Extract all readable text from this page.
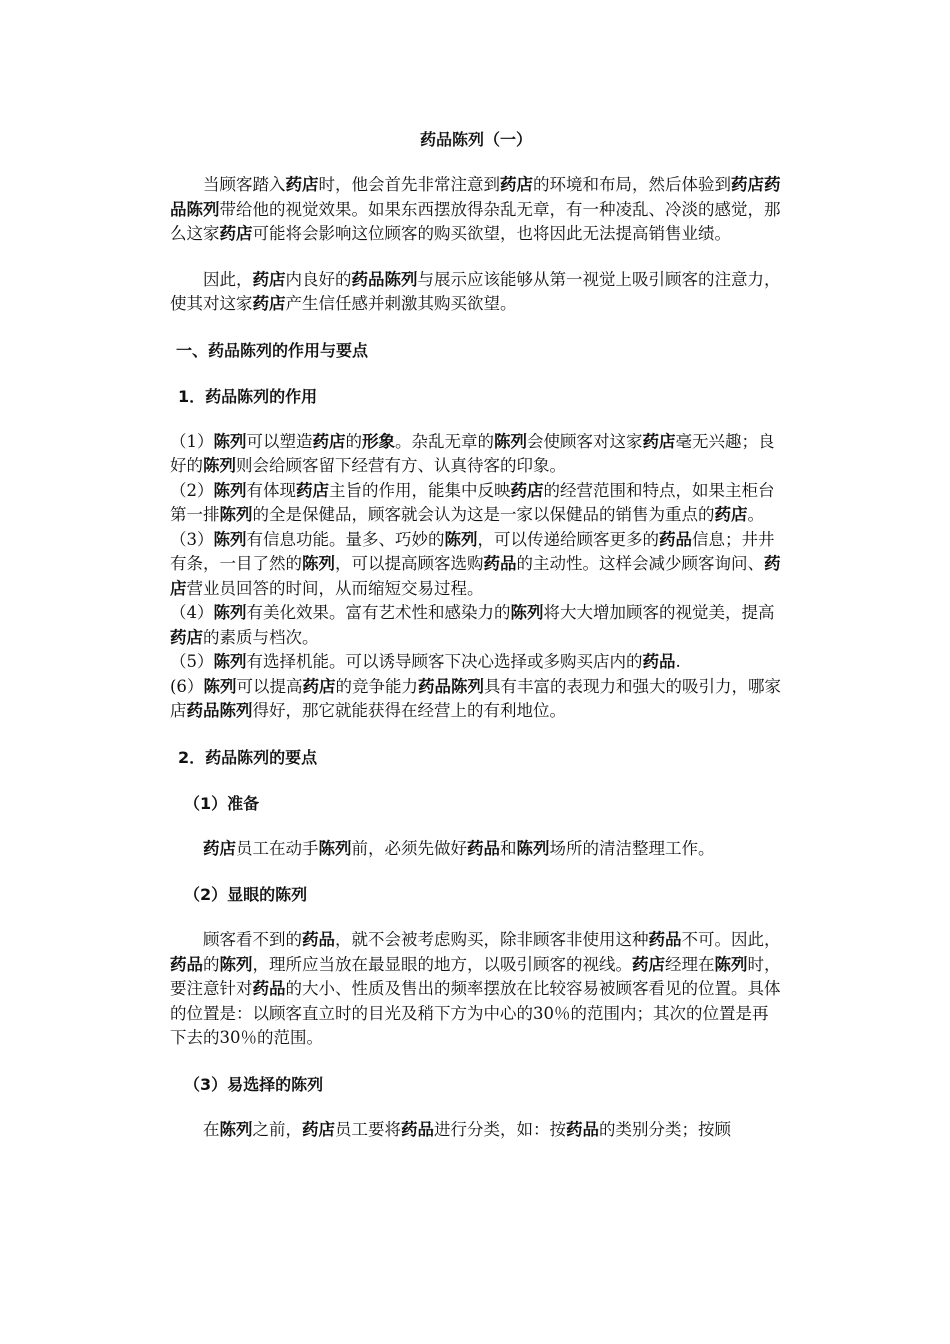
药品陈列（一）

当顾客踏入药店时，他会首先非常注意到药店的环境和布局，然后体验到药店药品陈列带给他的视觉效果。如果东西摆放得杂乱无章，有一种凌乱、冷淡的感觉，那么这家药店可能将会影响这位顾客的购买欲望，也将因此无法提高销售业绩。

因此，药店内良好的药品陈列与展示应该能够从第一视觉上吸引顾客的注意力，使其对这家药店产生信任感并刺激其购买欲望。

一、药品陈列的作用与要点
1．药品陈列的作用

（1）陈列可以塑造药店的形象。杂乱无章的陈列会使顾客对这家药店毫无兴趣；良好的陈列则会给顾客留下经营有方、认真待客的印象。

（2）陈列有体现药店主旨的作用，能集中反映药店的经营范围和特点，如果主柜台第一排陈列的全是保健品，顾客就会认为这是一家以保健品的销售为重点的药店。

（3）陈列有信息功能。量多、巧妙的陈列，可以传递给顾客更多的药品信息；井井有条，一目了然的陈列，可以提高顾客选购药品的主动性。这样会减少顾客询问、药店营业员回答的时间，从而缩短交易过程。

（4）陈列有美化效果。富有艺术性和感染力的陈列将大大增加顾客的视觉美，提高药店的素质与档次。

（5）陈列有选择机能。可以诱导顾客下决心选择或多购买店内的药品.

(6）陈列可以提高药店的竞争能力药品陈列具有丰富的表现力和强大的吸引力，哪家店药品陈列得好，那它就能获得在经营上的有利地位。

2．药品陈列的要点
（1）准备

药店员工在动手陈列前，必须先做好药品和陈列场所的清洁整理工作。

（2）显眼的陈列

顾客看不到的药品，就不会被考虑购买，除非顾客非使用这种药品不可。因此，药品的陈列，理所应当放在最显眼的地方，以吸引顾客的视线。药店经理在陈列时，要注意针对药品的大小、性质及售出的频率摆放在比较容易被顾客看见的位置。具体的位置是：以顾客直立时的目光及稍下方为中心的30％的范围内；其次的位置是再下去的30％的范围。

（3）易选择的陈列

在陈列之前，药店员工要将药品进行分类，如：按药品的类别分类；按顾
